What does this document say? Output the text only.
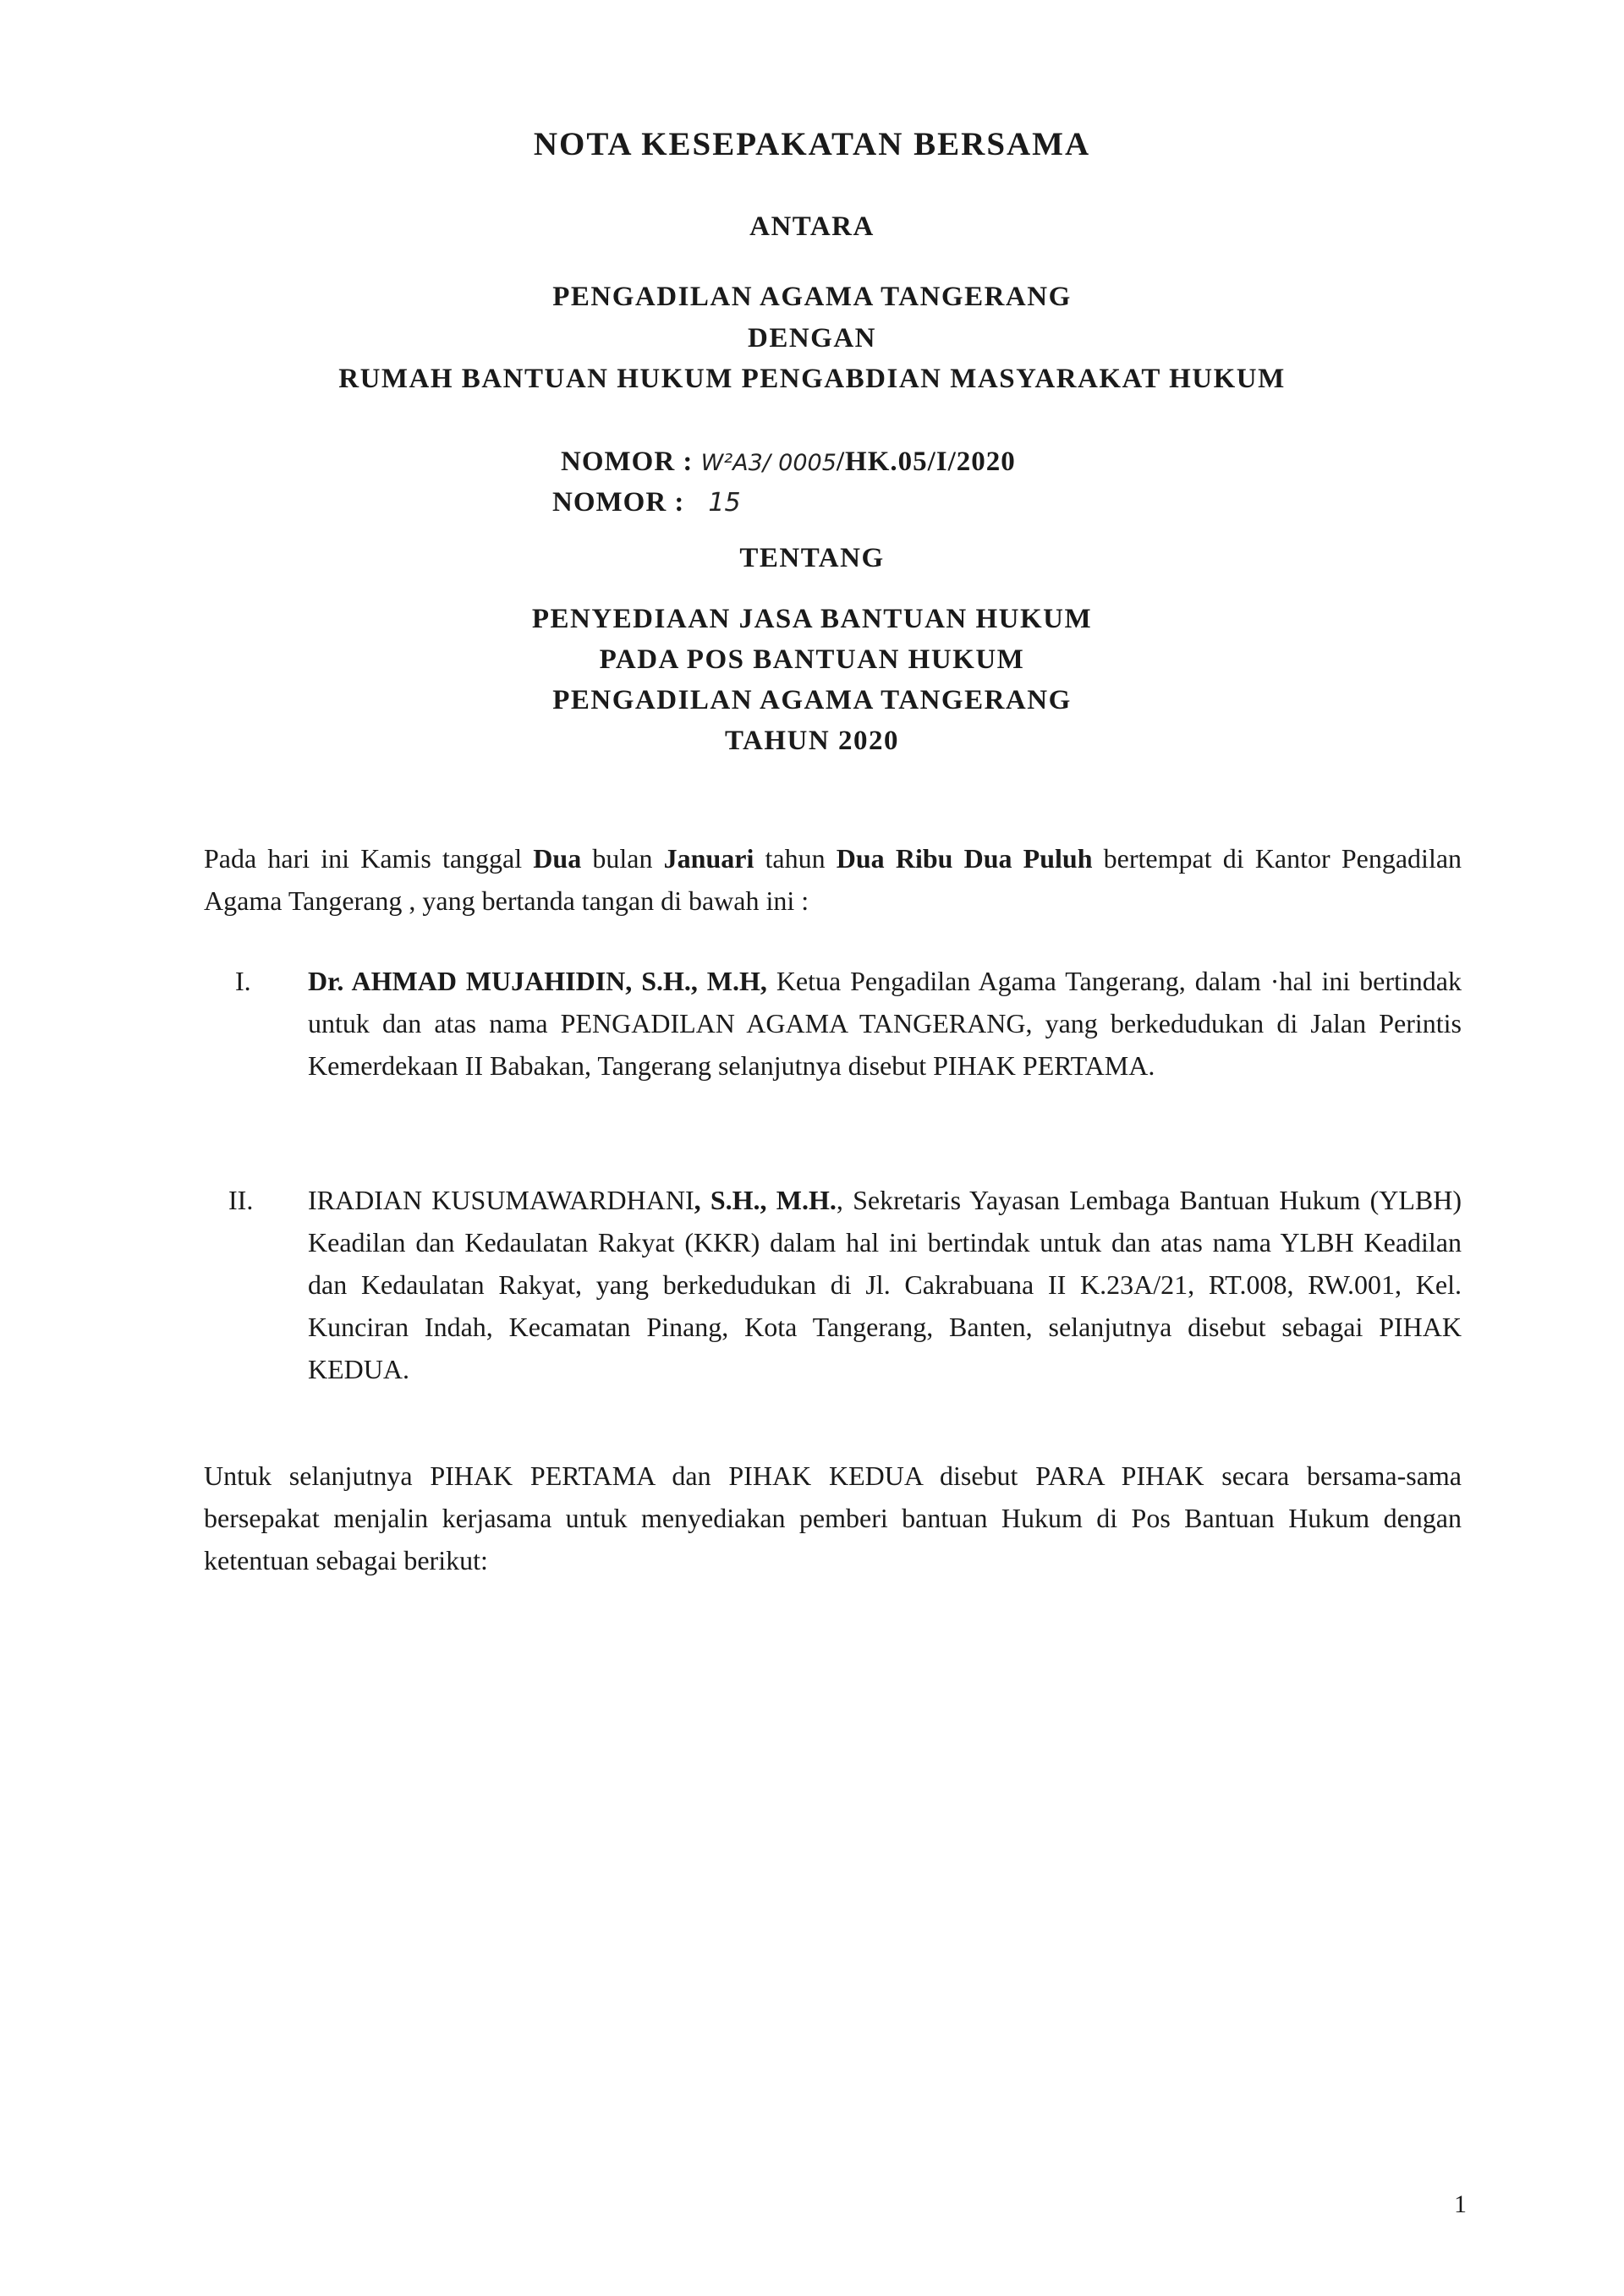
NOTA KESEPAKATAN BERSAMA
ANTARA
PENGADILAN AGAMA TANGERANG
DENGAN
RUMAH BANTUAN HUKUM PENGABDIAN MASYARAKAT HUKUM
NOMOR : W²A3/ 0005/HK.05/I/2020
NOMOR : 15
TENTANG
PENYEDIAAN JASA BANTUAN HUKUM
PADA POS BANTUAN HUKUM
PENGADILAN AGAMA TANGERANG
TAHUN 2020
Pada hari ini Kamis tanggal Dua bulan Januari tahun Dua Ribu Dua Puluh bertempat di Kantor Pengadilan Agama Tangerang , yang bertanda tangan di bawah ini :
I. Dr. AHMAD MUJAHIDIN, S.H., M.H, Ketua Pengadilan Agama Tangerang, dalam ·hal ini bertindak untuk dan atas nama PENGADILAN AGAMA TANGERANG, yang berkedudukan di Jalan Perintis Kemerdekaan II Babakan, Tangerang selanjutnya disebut PIHAK PERTAMA.
II. IRADIAN KUSUMAWARDHANI, S.H., M.H., Sekretaris Yayasan Lembaga Bantuan Hukum (YLBH) Keadilan dan Kedaulatan Rakyat (KKR) dalam hal ini bertindak untuk dan atas nama YLBH Keadilan dan Kedaulatan Rakyat, yang berkedudukan di Jl. Cakrabuana II K.23A/21, RT.008, RW.001, Kel. Kunciran Indah, Kecamatan Pinang, Kota Tangerang, Banten, selanjutnya disebut sebagai PIHAK KEDUA.
Untuk selanjutnya PIHAK PERTAMA dan PIHAK KEDUA disebut PARA PIHAK secara bersama-sama bersepakat menjalin kerjasama untuk menyediakan pemberi bantuan Hukum di Pos Bantuan Hukum dengan ketentuan sebagai berikut:
1
